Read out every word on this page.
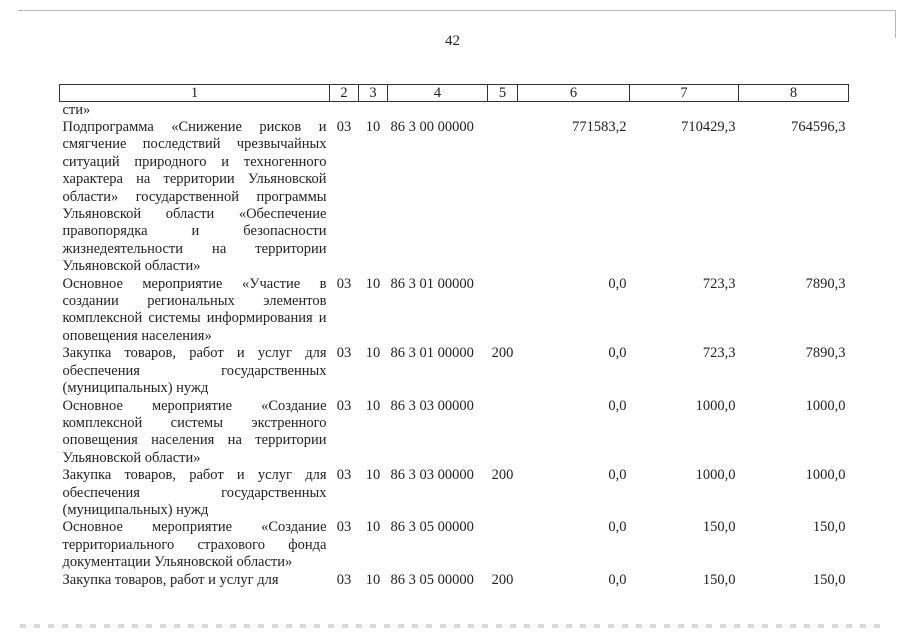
42
1	2	3	4	5	6	7	8
сти»							
Подпрограмма «Снижение рисков и смягчение последствий чрезвычайных ситуаций природного и техногенного характера на территории Ульяновской области» государственной программы Ульяновской области «Обеспечение правопорядка и безопасности жизнедеятельности на территории Ульяновской области»	03	10	86 3 00 00000		771583,2	710429,3	764596,3
Основное мероприятие «Участие в создании региональных элементов комплексной системы информирования и оповещения населения»	03	10	86 3 01 00000		0,0	723,3	7890,3
Закупка товаров, работ и услуг для обеспечения государственных (муниципальных) нужд	03	10	86 3 01 00000	200	0,0	723,3	7890,3
Основное мероприятие «Создание комплексной системы экстренного оповещения населения на территории Ульяновской области»	03	10	86 3 03 00000		0,0	1000,0	1000,0
Закупка товаров, работ и услуг для обеспечения государственных (муниципальных) нужд	03	10	86 3 03 00000	200	0,0	1000,0	1000,0
Основное мероприятие «Создание территориального страхового фонда документации Ульяновской области»	03	10	86 3 05 00000		0,0	150,0	150,0
Закупка товаров, работ и услуг для	03	10	86 3 05 00000	200	0,0	150,0	150,0
